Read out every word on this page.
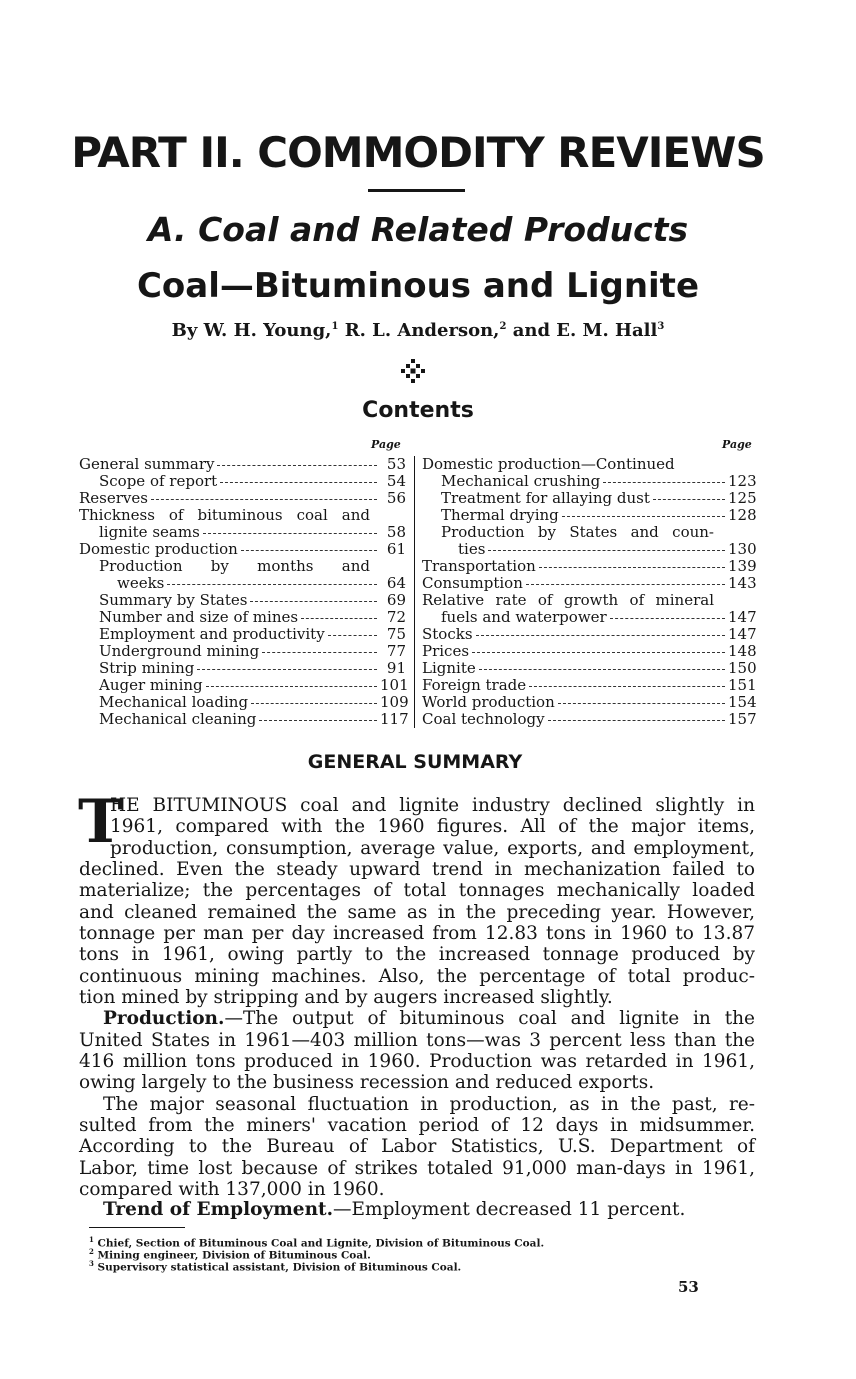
PART II. COMMODITY REVIEWS
A. Coal and Related Products
Coal—Bituminous and Lignite
By W. H. Young,$^1$ R. L. Anderson,$^2$ and E. M. Hall$^3$
Contents
Page	Page
General summary	53
Scope of report	54
Reserves	56
Thickness of bituminous coal and
lignite seams	58
Domestic production	61
Production by months and
weeks	64
Summary by States	69
Number and size of mines	72
Employment and productivity	75
Underground mining	77
Strip mining	91
Auger mining	101
Mechanical loading	109
Mechanical cleaning	117
Domestic production—Continued
Mechanical crushing	123
Treatment for allaying dust	125
Thermal drying	128
Production by States and coun-
ties	130
Transportation	139
Consumption	143
Relative rate of growth of mineral
fuels and waterpower	147
Stocks	147
Prices	148
Lignite	150
Foreign trade	151
World production	154
Coal technology	157
GENERAL SUMMARY
T
HE BITUMINOUS coal and lignite industry declined slightly in
1961, compared with the 1960 figures. All of the major items,
production, consumption, average value, exports, and employment,
declined. Even the steady upward trend in mechanization failed to
materialize; the percentages of total tonnages mechanically loaded
and cleaned remained the same as in the preceding year. However,
tonnage per man per day increased from 12.83 tons in 1960 to 13.87
tons in 1961, owing partly to the increased tonnage produced by
continuous mining machines. Also, the percentage of total produc-
tion mined by stripping and by augers increased slightly.
Production.—The output of bituminous coal and lignite in the
United States in 1961—403 million tons—was 3 percent less than the
416 million tons produced in 1960. Production was retarded in 1961,
owing largely to the business recession and reduced exports.
The major seasonal fluctuation in production, as in the past, re-
sulted from the miners' vacation period of 12 days in midsummer.
According to the Bureau of Labor Statistics, U.S. Department of
Labor, time lost because of strikes totaled 91,000 man-days in 1961,
compared with 137,000 in 1960.
Trend of Employment.—Employment decreased 11 percent.
$^1$ Chief, Section of Bituminous Coal and Lignite, Division of Bituminous Coal.
$^2$ Mining engineer, Division of Bituminous Coal.
$^3$ Supervisory statistical assistant, Division of Bituminous Coal.
53
